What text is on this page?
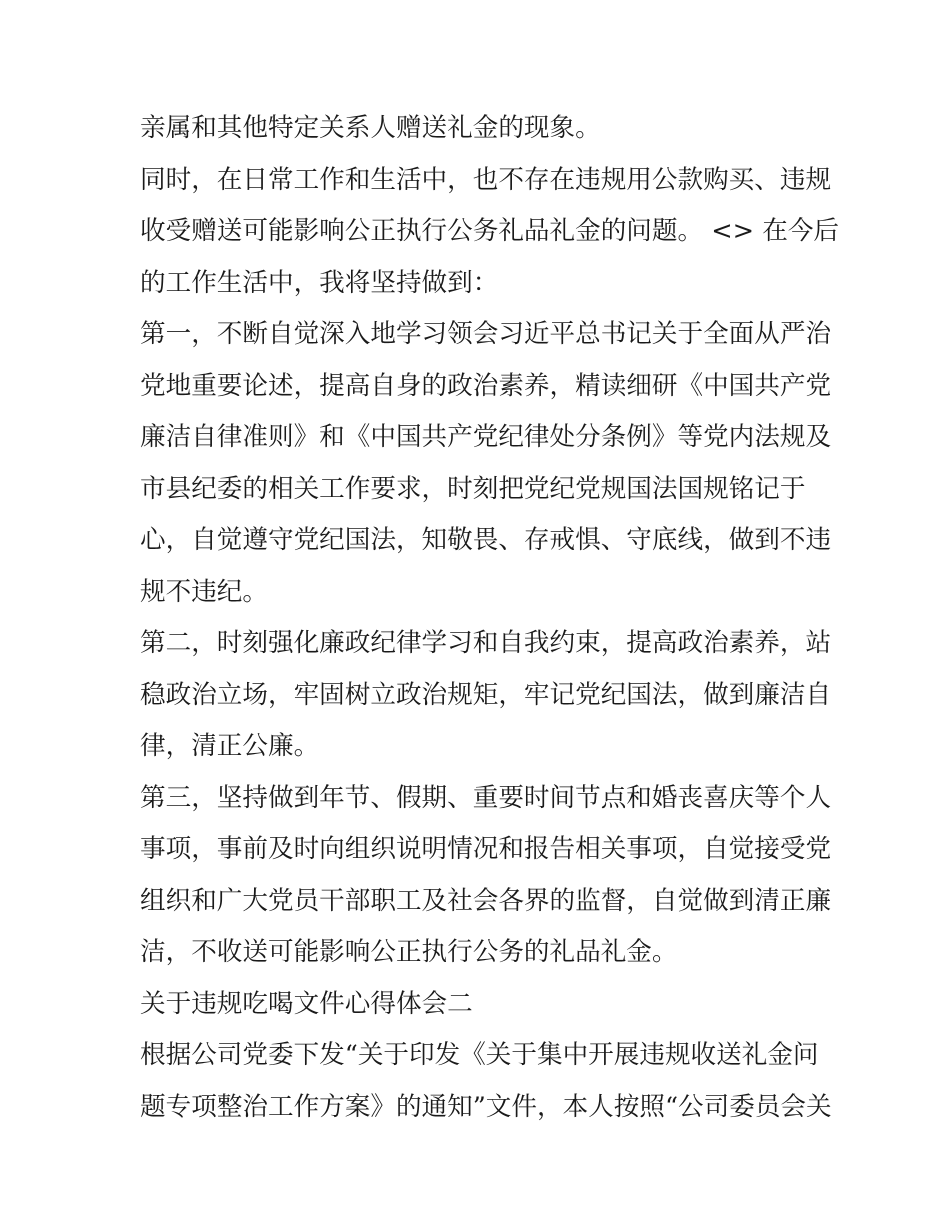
亲属和其他特定关系人赠送礼金的现象。
同时，在日常工作和生活中，也不存在违规用公款购买、违规
收受赠送可能影响公正执行公务礼品礼金的问题。 <> 在今后
的工作生活中，我将坚持做到：
第一，不断自觉深入地学习领会习近平总书记关于全面从严治
党地重要论述，提高自身的政治素养，精读细研《中国共产党
廉洁自律准则》和《中国共产党纪律处分条例》等党内法规及
市县纪委的相关工作要求，时刻把党纪党规国法国规铭记于
心，自觉遵守党纪国法，知敬畏、存戒惧、守底线，做到不违
规不违纪。
第二，时刻强化廉政纪律学习和自我约束，提高政治素养，站
稳政治立场，牢固树立政治规矩，牢记党纪国法，做到廉洁自
律，清正公廉。
第三，坚持做到年节、假期、重要时间节点和婚丧喜庆等个人
事项，事前及时向组织说明情况和报告相关事项，自觉接受党
组织和广大党员干部职工及社会各界的监督，自觉做到清正廉
洁，不收送可能影响公正执行公务的礼品礼金。
关于违规吃喝文件心得体会二
根据公司党委下发“关于印发《关于集中开展违规收送礼金问
题专项整治工作方案》的通知”文件，本人按照“公司委员会关
